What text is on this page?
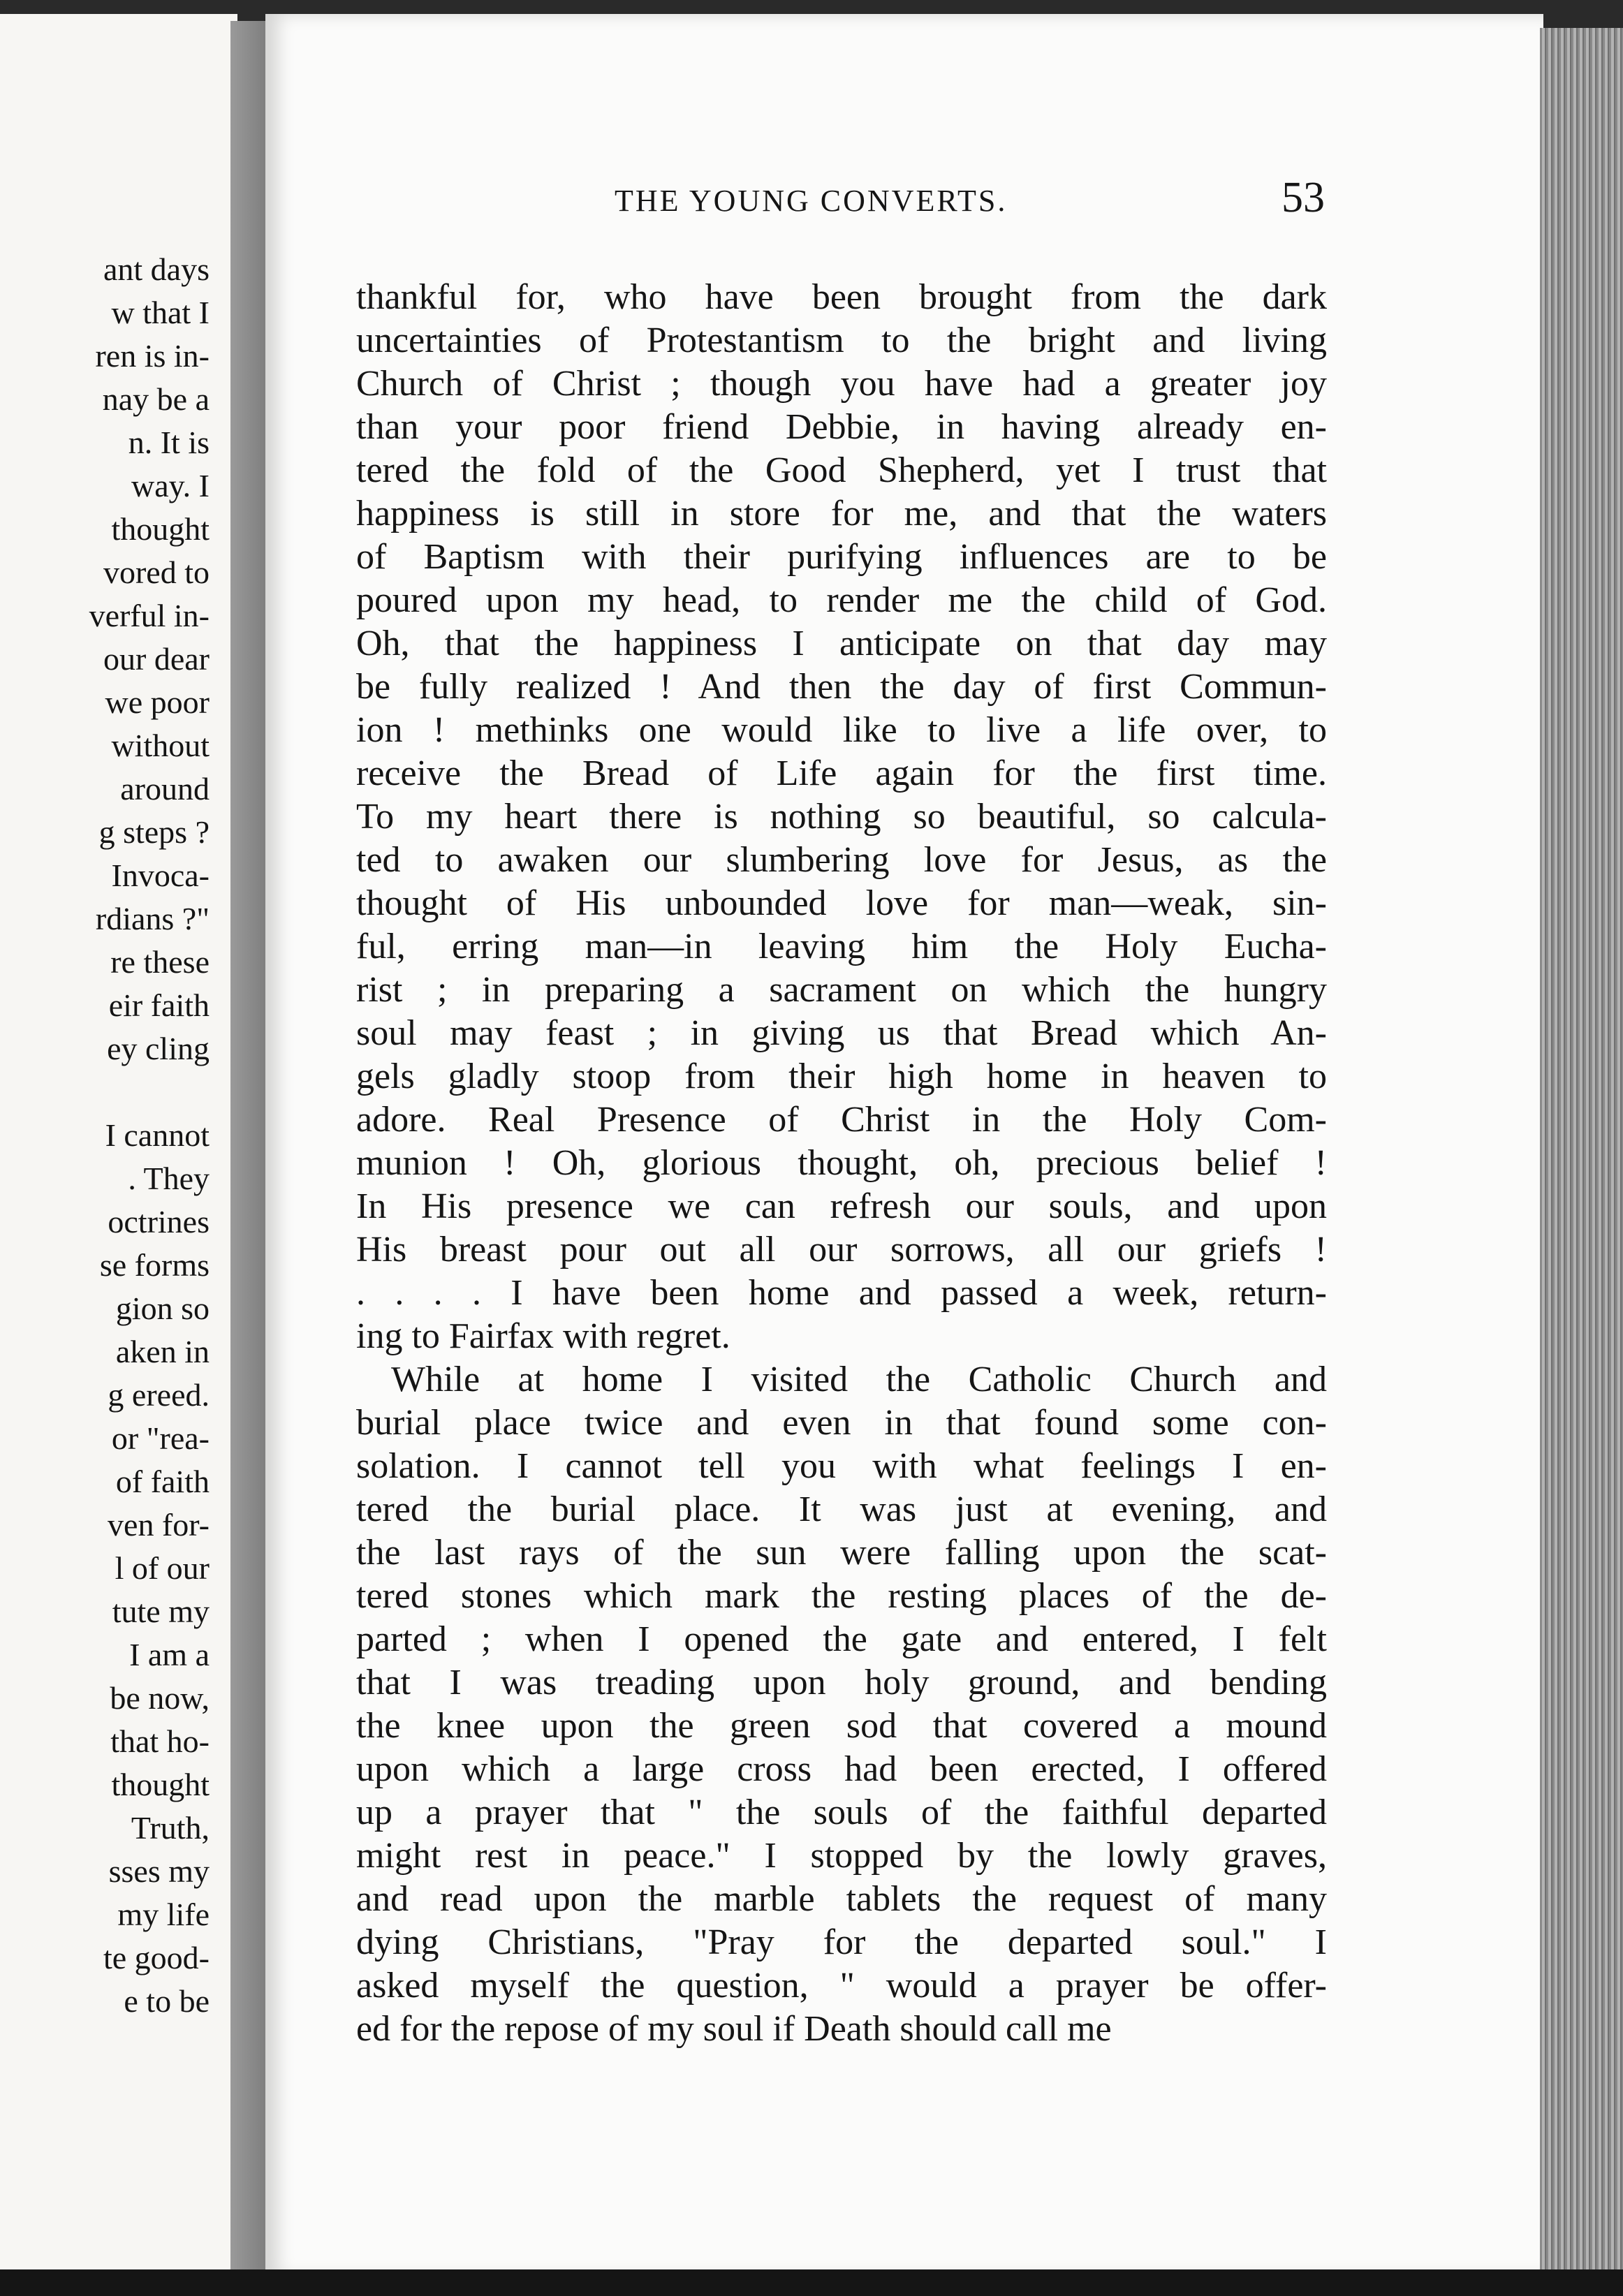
ant days
w that I
ren is in-
nay be a
n. It is
way. I
thought
vored to
verful in-
our dear
we poor
without
around
g steps ?
Invoca-
rdians ?"
re these
eir faith
ey cling
I cannot
. They
octrines
se forms
gion so
aken in
g ereed.
or "rea-
of faith
ven for-
l of our
tute my
I am a
be now,
that ho-
thought
Truth,
sses my
my life
te good-
e to be
THE YOUNG CONVERTS.	53

thankful for, who have been brought from the dark

uncertainties of Protestantism to the bright and living

Church of Christ ; though you have had a greater joy

than your poor friend Debbie, in having already en-

tered the fold of the Good Shepherd, yet I trust that

happiness is still in store for me, and that the waters

of Baptism with their purifying influences are to be

poured upon my head, to render me the child of God.

Oh, that the happiness I anticipate on that day may

be fully realized ! And then the day of first Commun-

ion ! methinks one would like to live a life over, to

receive the Bread of Life again for the first time.

To my heart there is nothing so beautiful, so calcula-

ted to awaken our slumbering love for Jesus, as the

thought of His unbounded love for man—weak, sin-

ful, erring man—in leaving him the Holy Eucha-

rist ; in preparing a sacrament on which the hungry

soul may feast ; in giving us that Bread which An-

gels gladly stoop from their high home in heaven to

adore. Real Presence of Christ in the Holy Com-

munion ! Oh, glorious thought, oh, precious belief !

In His presence we can refresh our souls, and upon

His breast pour out all our sorrows, all our griefs !

. . . . I have been home and passed a week, return-

ing to Fairfax with regret.

While at home I visited the Catholic Church and

burial place twice and even in that found some con-

solation. I cannot tell you with what feelings I en-

tered the burial place. It was just at evening, and

the last rays of the sun were falling upon the scat-

tered stones which mark the resting places of the de-

parted ; when I opened the gate and entered, I felt

that I was treading upon holy ground, and bending

the knee upon the green sod that covered a mound

upon which a large cross had been erected, I offered

up a prayer that " the souls of the faithful departed

might rest in peace." I stopped by the lowly graves,

and read upon the marble tablets the request of many

dying Christians, "Pray for the departed soul." I

asked myself the question, " would a prayer be offer-

ed for the repose of my soul if Death should call me
